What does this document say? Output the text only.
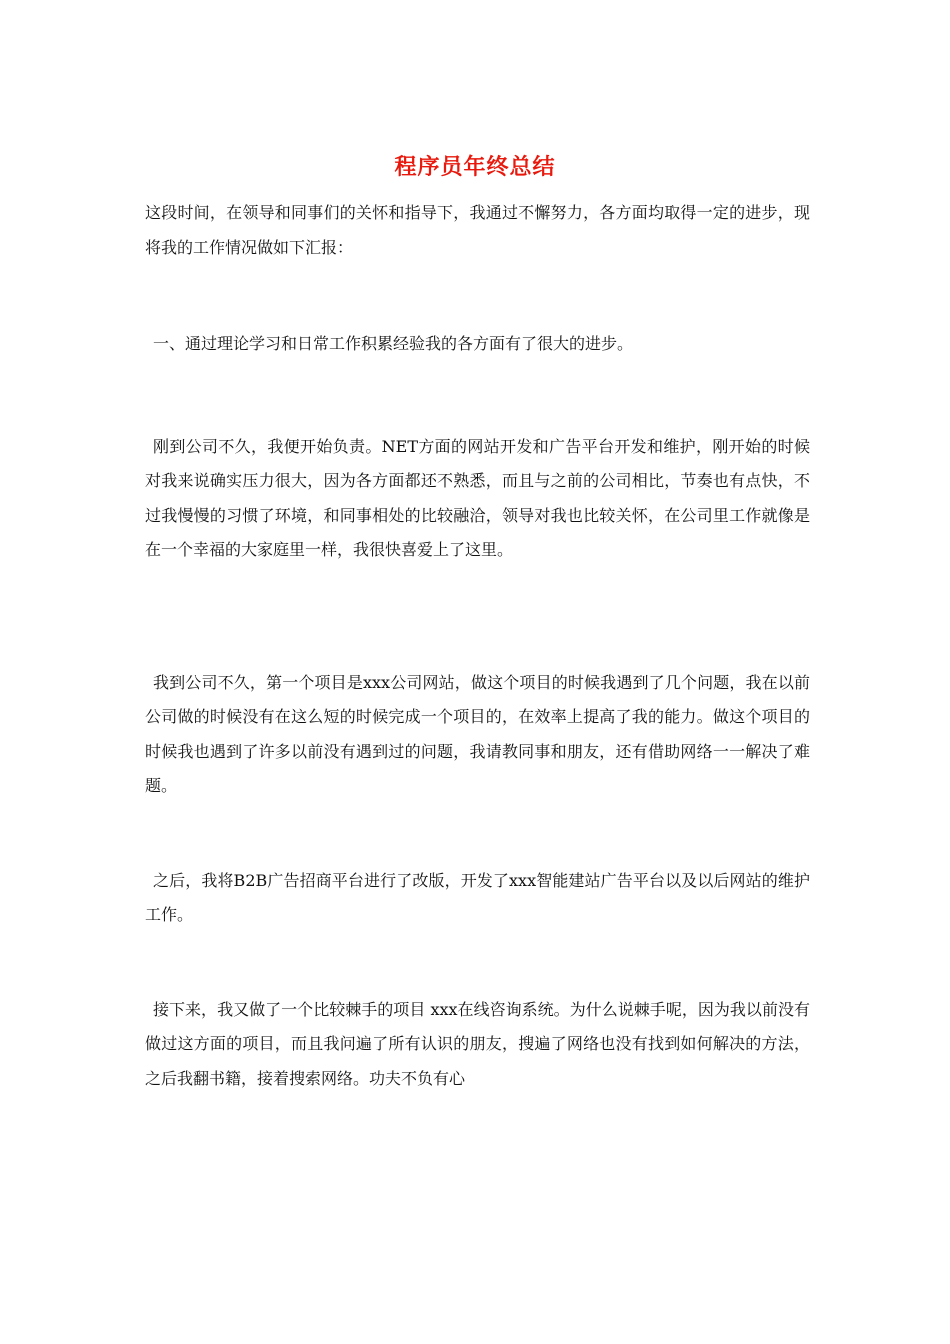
程序员年终总结

这段时间，在领导和同事们的关怀和指导下，我通过不懈努力，各方面均取得一定的进步，现将我的工作情况做如下汇报：

一、通过理论学习和日常工作积累经验我的各方面有了很大的进步。

刚到公司不久，我便开始负责。NET方面的网站开发和广告平台开发和维护，刚开始的时候对我来说确实压力很大，因为各方面都还不熟悉，而且与之前的公司相比，节奏也有点快，不过我慢慢的习惯了环境，和同事相处的比较融洽，领导对我也比较关怀，在公司里工作就像是在一个幸福的大家庭里一样，我很快喜爱上了这里。

我到公司不久，第一个项目是xxx公司网站，做这个项目的时候我遇到了几个问题，我在以前公司做的时候没有在这么短的时候完成一个项目的，在效率上提高了我的能力。做这个项目的时候我也遇到了许多以前没有遇到过的问题，我请教同事和朋友，还有借助网络一一解决了难题。

之后，我将B2B广告招商平台进行了改版，开发了xxx智能建站广告平台以及以后网站的维护工作。

接下来，我又做了一个比较棘手的项目 xxx在线咨询系统。为什么说棘手呢，因为我以前没有做过这方面的项目，而且我问遍了所有认识的朋友，搜遍了网络也没有找到如何解决的方法，之后我翻书籍，接着搜索网络。功夫不负有心
